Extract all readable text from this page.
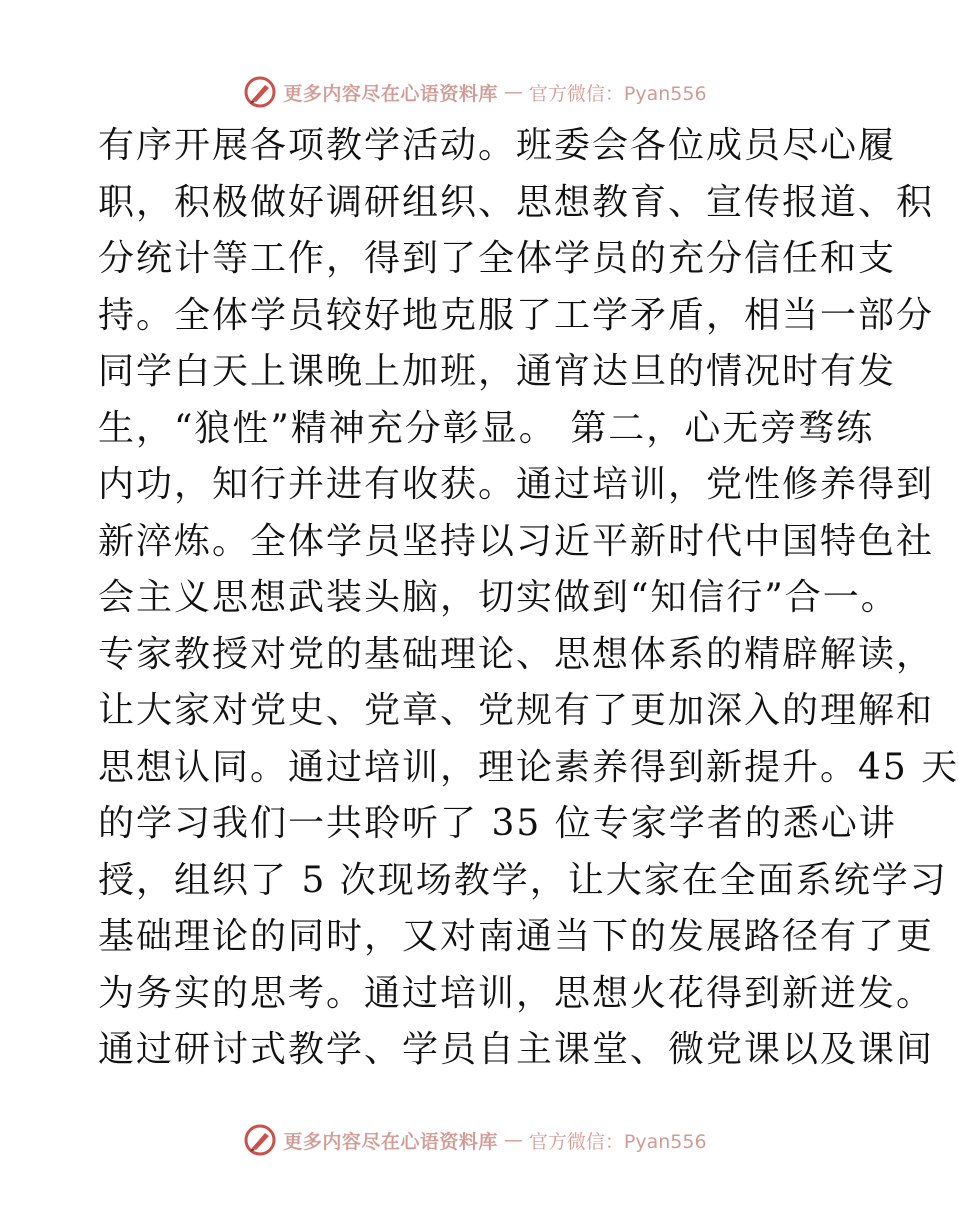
更多内容尽在心语资料库 — 官方微信：Pyan556
有序开展各项教学活动。班委会各位成员尽心履
职，积极做好调研组织、思想教育、宣传报道、积
分统计等工作，得到了全体学员的充分信任和支
持。全体学员较好地克服了工学矛盾，相当一部分
同学白天上课晚上加班，通宵达旦的情况时有发
生，“狼性”精神充分彰显。 第二，心无旁骛练
内功，知行并进有收获。通过培训，党性修养得到
新淬炼。全体学员坚持以习近平新时代中国特色社
会主义思想武装头脑，切实做到“知信行”合一。
专家教授对党的基础理论、思想体系的精辟解读，
让大家对党史、党章、党规有了更加深入的理解和
思想认同。通过培训，理论素养得到新提升。45 天
的学习我们一共聆听了 35 位专家学者的悉心讲
授，组织了 5 次现场教学，让大家在全面系统学习
基础理论的同时，又对南通当下的发展路径有了更
为务实的思考。通过培训，思想火花得到新迸发。
通过研讨式教学、学员自主课堂、微党课以及课间
更多内容尽在心语资料库 — 官方微信：Pyan556
